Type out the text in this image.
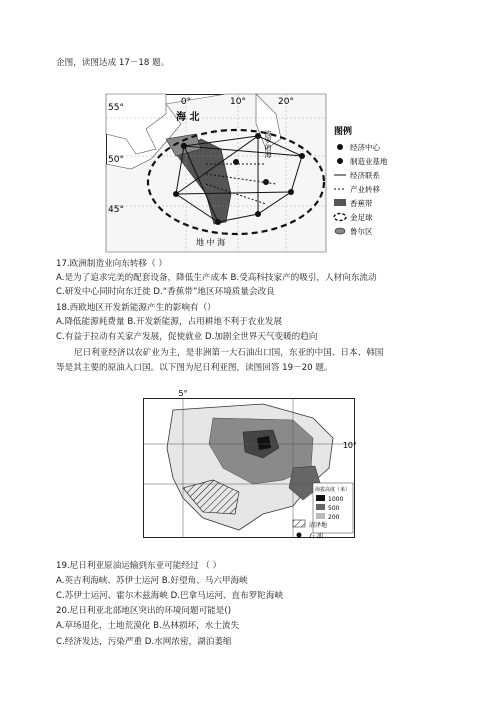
企图，读图达成 17－18 题。
0°	10°	20°
55°
50°
45°
海 北
波罗的海
地 中 海
图例
经济中心
制造业基地
经济联系
产业转移
香蕉带
金足球
鲁尔区
17.欧洲制造业向东转移（ ）
A.是为了追求完美的配套设备，降低生产成本 B.受高科技家产的吸引，人材向东流动
C.研发中心同时向东迁徙 D.“香蕉带”地区环境质量会改良
18.西欧地区开发新能源产生的影响有（）
A.降低能源耗费量 B.开发新能源，占用耕地不利于农业发展
C.有益于拉动有关家产发展，促使就业 D.加剧全世界天气变暖的趋向
尼日利亚经济以农矿业为主，是非洲第一大石油出口国，东亚的中国、日本、韩国
等是其主要的原油入口国。以下图为尼日利亚图，读图回答 19－20 题。
5°
10°
海拔高度（米）
1000
500
200
沼泽地
石 油
19.尼日利亚原油运输到东亚可能经过 （ ）
A.英吉利海峡、苏伊士运河 B.好望角、马六甲海峡
C.苏伊士运河、霍尔木兹海峡 D.巴拿马运河、直布罗陀海峡
20.尼日利亚北部地区突出的环境问题可能是()
A.草场退化，土地荒漠化 B.丛林损坏，水土流失
C.经济发达，污染严重 D.水网浓密，湖泊萎缩
